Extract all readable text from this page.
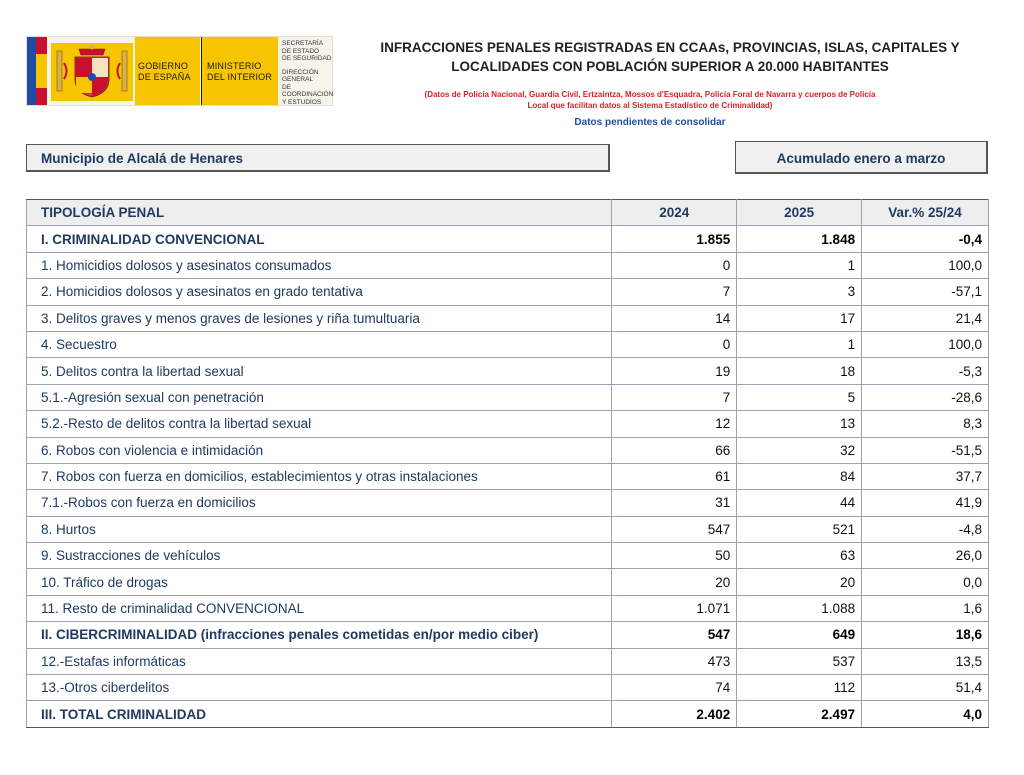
GOBIERNO
DE ESPAÑA
MINISTERIO
DEL INTERIOR
SECRETARÍA
DE ESTADO
DE SEGURIDAD
DIRECCIÓN GENERAL
DE COORDINACIÓN
Y ESTUDIOS
INFRACCIONES PENALES REGISTRADAS EN CCAAs, PROVINCIAS, ISLAS, CAPITALES Y
LOCALIDADES CON POBLACIÓN SUPERIOR A 20.000 HABITANTES
(Datos de Policía Nacional, Guardia Civil, Ertzaintza, Mossos d'Esquadra, Policía Foral de Navarra y cuerpos de Policía
Local que facilitan datos al Sistema Estadístico de Criminalidad)
Datos pendientes de consolidar
Municipio de Alcalá de Henares	Acumulado enero a marzo
TIPOLOGÍA PENAL	2024	2025	Var.% 25/24
I. CRIMINALIDAD CONVENCIONAL	1.855	1.848	-0,4
1. Homicidios dolosos y asesinatos consumados	0	1	100,0
2. Homicidios dolosos y asesinatos en grado tentativa	7	3	-57,1
3. Delitos graves y menos graves de lesiones y riña tumultuaria	14	17	21,4
4. Secuestro	0	1	100,0
5. Delitos contra la libertad sexual	19	18	-5,3
5.1.-Agresión sexual con penetración	7	5	-28,6
5.2.-Resto de delitos contra la libertad sexual	12	13	8,3
6. Robos con violencia e intimidación	66	32	-51,5
7. Robos con fuerza en domicilios, establecimientos y otras instalaciones	61	84	37,7
7.1.-Robos con fuerza en domicilios	31	44	41,9
8. Hurtos	547	521	-4,8
9. Sustracciones de vehículos	50	63	26,0
10. Tráfico de drogas	20	20	0,0
11. Resto de criminalidad CONVENCIONAL	1.071	1.088	1,6
II. CIBERCRIMINALIDAD (infracciones penales cometidas en/por medio ciber)	547	649	18,6
12.-Estafas informáticas	473	537	13,5
13.-Otros ciberdelitos	74	112	51,4
III. TOTAL CRIMINALIDAD	2.402	2.497	4,0
